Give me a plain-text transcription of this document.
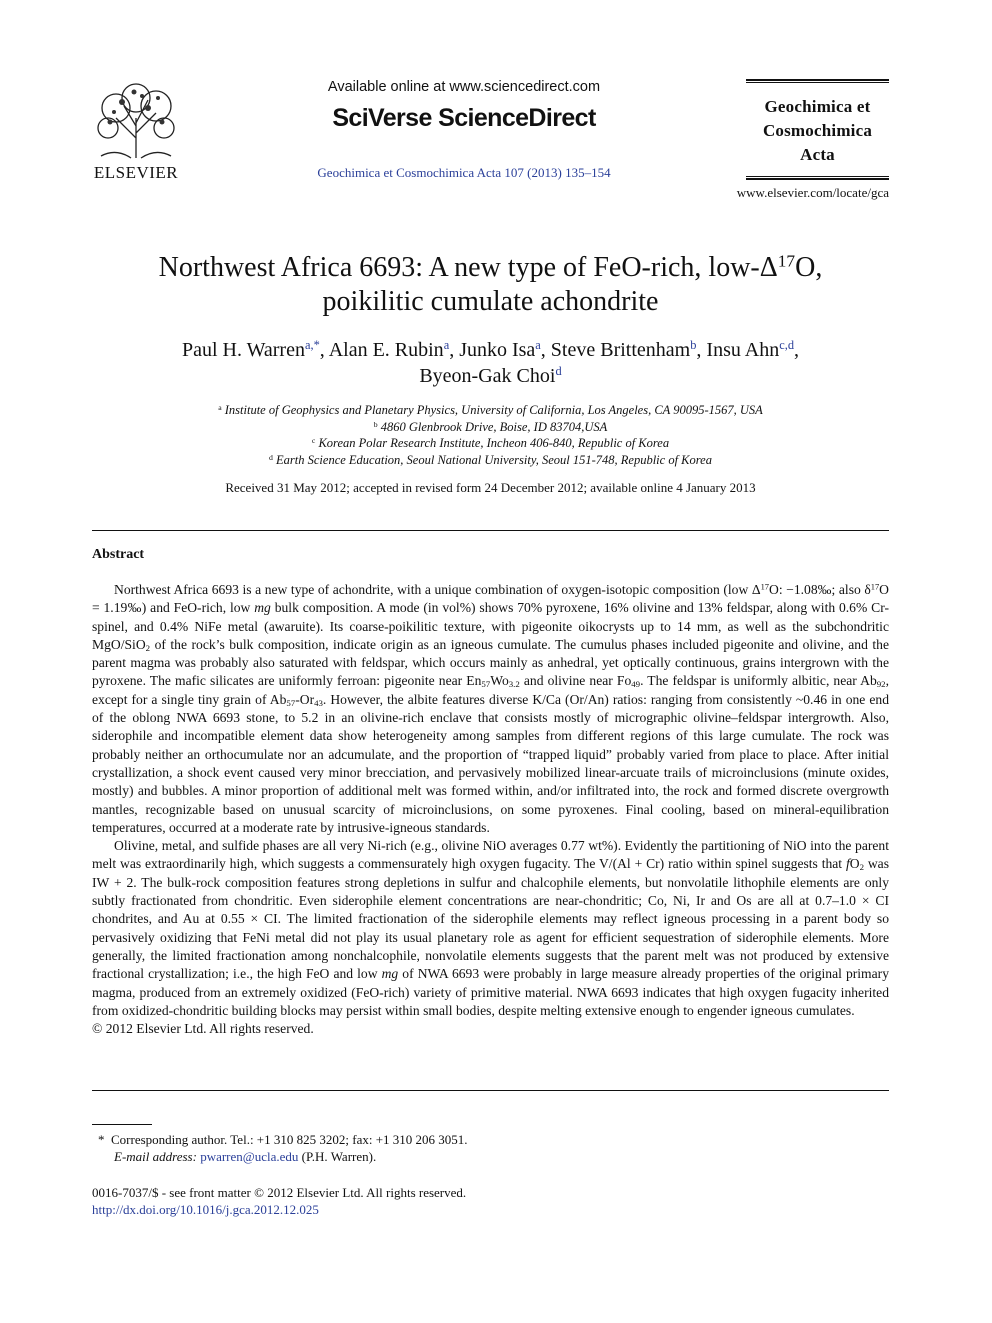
ELSEVIER
Available online at www.sciencedirect.com
SciVerse ScienceDirect
Geochimica et Cosmochimica Acta 107 (2013) 135–154
Geochimica et
Cosmochimica
Acta
www.elsevier.com/locate/gca
Northwest Africa 6693: A new type of FeO-rich, low-$\Delta^{17}O$,
poikilitic cumulate achondrite
Paul H. Warren$^{a,*}$, Alan E. Rubin$^a$, Junko Isa$^a$, Steve Brittenham$^b$, Insu Ahn$^{c,d}$,
Byeon-Gak Choi$^d$
$^a$ Institute of Geophysics and Planetary Physics, University of California, Los Angeles, CA 90095-1567, USA
$^b$ 4860 Glenbrook Drive, Boise, ID 83704,USA
$^c$ Korean Polar Research Institute, Incheon 406-840, Republic of Korea
$^d$ Earth Science Education, Seoul National University, Seoul 151-748, Republic of Korea
Received 31 May 2012; accepted in revised form 24 December 2012; available online 4 January 2013
Abstract

Northwest Africa 6693 is a new type of achondrite, with a unique combination of oxygen-isotopic composition (low $\Delta^{17}O$: −1.08‰; also $\delta^{17}O$ = 1.19‰) and FeO-rich, low mg bulk composition. A mode (in vol%) shows 70% pyroxene, 16% olivine and 13% feldspar, along with 0.6% Cr-spinel, and 0.4% NiFe metal (awaruite). Its coarse-poikilitic texture, with pigeonite oikocrysts up to 14 mm, as well as the subchondritic MgO/SiO$_2$ of the rock’s bulk composition, indicate origin as an igneous cumulate. The cumulus phases included pigeonite and olivine, and the parent magma was probably also saturated with feldspar, which occurs mainly as anhedral, yet optically continuous, grains intergrown with the pyroxene. The mafic silicates are uniformly ferroan: pigeonite near $En_{57}Wo_{3.2}$ and olivine near $Fo_{49}$. The feldspar is uniformly albitic, near $Ab_{92}$, except for a single tiny grain of $Ab_{57}-Or_{43}$. However, the albite features diverse K/Ca (Or/An) ratios: ranging from consistently ~0.46 in one end of the oblong NWA 6693 stone, to 5.2 in an olivine-rich enclave that consists mostly of micrographic olivine–feldspar intergrowth. Also, siderophile and incompatible element data show heterogeneity among samples from different regions of this large cumulate. The rock was probably neither an orthocumulate nor an adcumulate, and the proportion of “trapped liquid” probably varied from place to place. After initial crystallization, a shock event caused very minor brecciation, and pervasively mobilized linear-arcuate trails of microinclusions (minute oxides, mostly) and bubbles. A minor proportion of additional melt was formed within, and/or infiltrated into, the rock and formed discrete overgrowth mantles, recognizable based on unusual scarcity of microinclusions, on some pyroxenes. Final cooling, based on mineral-equilibration temperatures, occurred at a moderate rate by intrusive-igneous standards.

Olivine, metal, and sulfide phases are all very Ni-rich (e.g., olivine NiO averages 0.77 wt%). Evidently the partitioning of NiO into the parent melt was extraordinarily high, which suggests a commensurately high oxygen fugacity. The V/(Al + Cr) ratio within spinel suggests that $fO_2$ was IW + 2. The bulk-rock composition features strong depletions in sulfur and chalcophile elements, but nonvolatile lithophile elements are only subtly fractionated from chondritic. Even siderophile element concentrations are near-chondritic; Co, Ni, Ir and Os are all at 0.7–1.0 × CI chondrites, and Au at 0.55 × CI. The limited fractionation of the siderophile elements may reflect igneous processing in a parent body so pervasively oxidizing that FeNi metal did not play its usual planetary role as agent for efficient sequestration of siderophile elements. More generally, the limited fractionation among nonchalcophile, nonvolatile elements suggests that the parent melt was not produced by extensive fractional crystallization; i.e., the high FeO and low mg of NWA 6693 were probably in large measure already properties of the original primary magma, produced from an extremely oxidized (FeO-rich) variety of primitive material. NWA 6693 indicates that high oxygen fugacity inherited from oxidized-chondritic building blocks may persist within small bodies, despite melting extensive enough to engender igneous cumulates.

© 2012 Elsevier Ltd. All rights reserved.

* Corresponding author. Tel.: +1 310 825 3202; fax: +1 310 206 3051.
E-mail address: pwarren@ucla.edu (P.H. Warren).
0016-7037/$ - see front matter © 2012 Elsevier Ltd. All rights reserved.
http://dx.doi.org/10.1016/j.gca.2012.12.025
